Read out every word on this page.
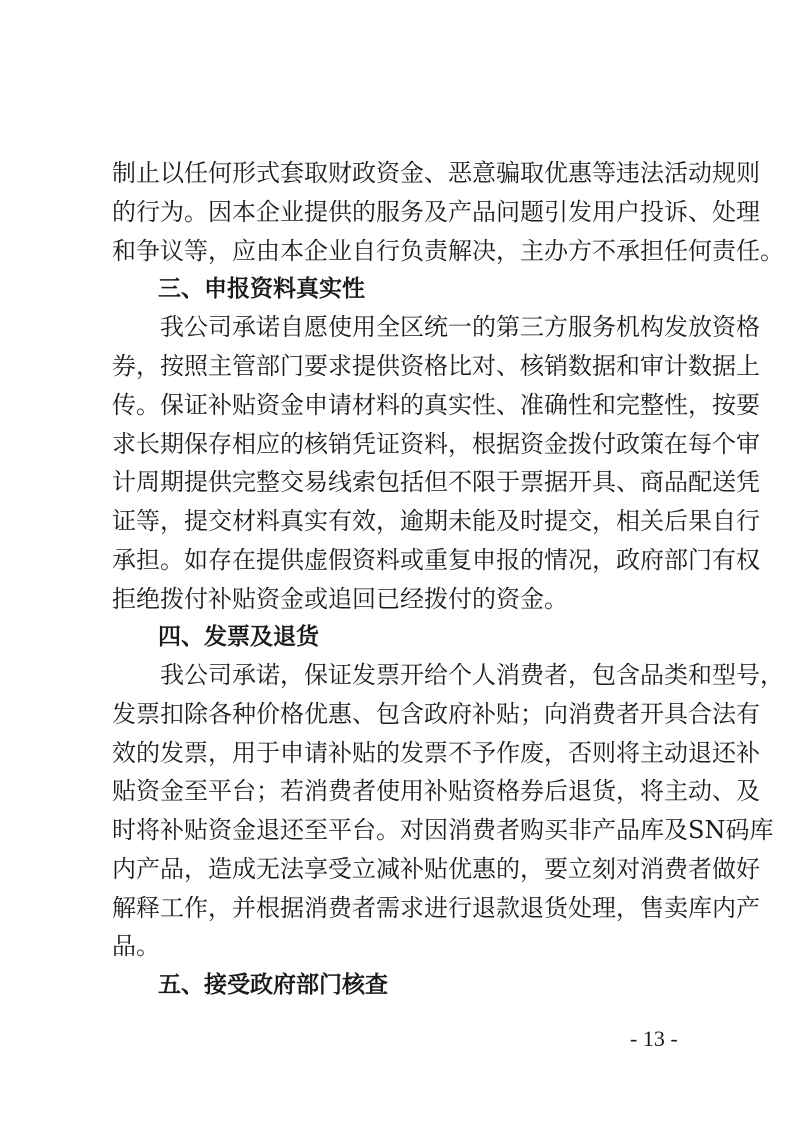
制止以任何形式套取财政资金、恶意骗取优惠等违法活动规则
的行为。因本企业提供的服务及产品问题引发用户投诉、处理
和争议等，应由本企业自行负责解决，主办方不承担任何责任。
三、申报资料真实性
我公司承诺自愿使用全区统一的第三方服务机构发放资格
券，按照主管部门要求提供资格比对、核销数据和审计数据上
传。保证补贴资金申请材料的真实性、准确性和完整性，按要
求长期保存相应的核销凭证资料，根据资金拨付政策在每个审
计周期提供完整交易线索包括但不限于票据开具、商品配送凭
证等，提交材料真实有效，逾期未能及时提交，相关后果自行
承担。如存在提供虚假资料或重复申报的情况，政府部门有权
拒绝拨付补贴资金或追回已经拨付的资金。
四、发票及退货
我公司承诺，保证发票开给个人消费者，包含品类和型号，
发票扣除各种价格优惠、包含政府补贴；向消费者开具合法有
效的发票，用于申请补贴的发票不予作废，否则将主动退还补
贴资金至平台；若消费者使用补贴资格券后退货，将主动、及
时将补贴资金退还至平台。对因消费者购买非产品库及SN码库
内产品，造成无法享受立减补贴优惠的，要立刻对消费者做好
解释工作，并根据消费者需求进行退款退货处理，售卖库内产
品。
五、接受政府部门核查
- 13 -
